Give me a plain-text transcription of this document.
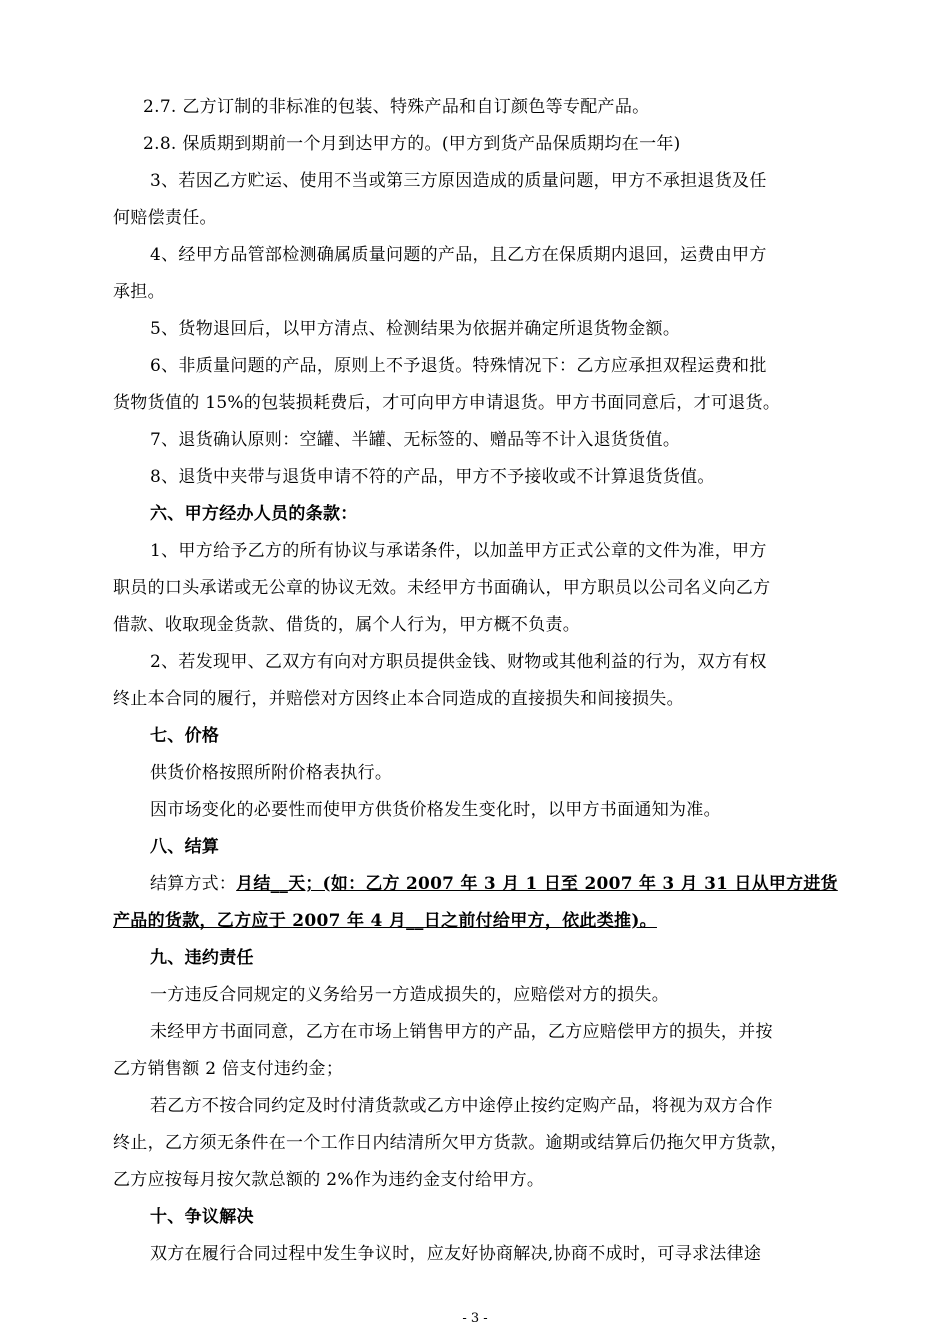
2.7. 乙方订制的非标准的包装、特殊产品和自订颜色等专配产品。
2.8. 保质期到期前一个月到达甲方的。(甲方到货产品保质期均在一年)
3、若因乙方贮运、使用不当或第三方原因造成的质量问题，甲方不承担退货及任
何赔偿责任。
4、经甲方品管部检测确属质量问题的产品，且乙方在保质期内退回，运费由甲方
承担。
5、货物退回后，以甲方清点、检测结果为依据并确定所退货物金额。
6、非质量问题的产品，原则上不予退货。特殊情况下：乙方应承担双程运费和批
货物货值的 15%的包装损耗费后，才可向甲方申请退货。甲方书面同意后，才可退货。
7、退货确认原则：空罐、半罐、无标签的、赠品等不计入退货货值。
8、退货中夹带与退货申请不符的产品，甲方不予接收或不计算退货货值。
六、甲方经办人员的条款：
1、甲方给予乙方的所有协议与承诺条件，以加盖甲方正式公章的文件为准，甲方
职员的口头承诺或无公章的协议无效。未经甲方书面确认，甲方职员以公司名义向乙方
借款、收取现金货款、借货的，属个人行为，甲方概不负责。
2、若发现甲、乙双方有向对方职员提供金钱、财物或其他利益的行为，双方有权
终止本合同的履行，并赔偿对方因终止本合同造成的直接损失和间接损失。
七、价格
供货价格按照所附价格表执行。
因市场变化的必要性而使甲方供货价格发生变化时，以甲方书面通知为准。
八、结算
结算方式：月结__天；(如：乙方 2007 年 3 月 1 日至 2007 年 3 月 31 日从甲方进货
产品的货款，乙方应于 2007 年 4 月__日之前付给甲方，依此类推)。
九、违约责任
一方违反合同规定的义务给另一方造成损失的，应赔偿对方的损失。
未经甲方书面同意，乙方在市场上销售甲方的产品，乙方应赔偿甲方的损失，并按
乙方销售额 2 倍支付违约金；
若乙方不按合同约定及时付清货款或乙方中途停止按约定购产品，将视为双方合作
终止，乙方须无条件在一个工作日内结清所欠甲方货款。逾期或结算后仍拖欠甲方货款，
乙方应按每月按欠款总额的 2%作为违约金支付给甲方。
十、争议解决
双方在履行合同过程中发生争议时，应友好协商解决,协商不成时，可寻求法律途
- 3 -
